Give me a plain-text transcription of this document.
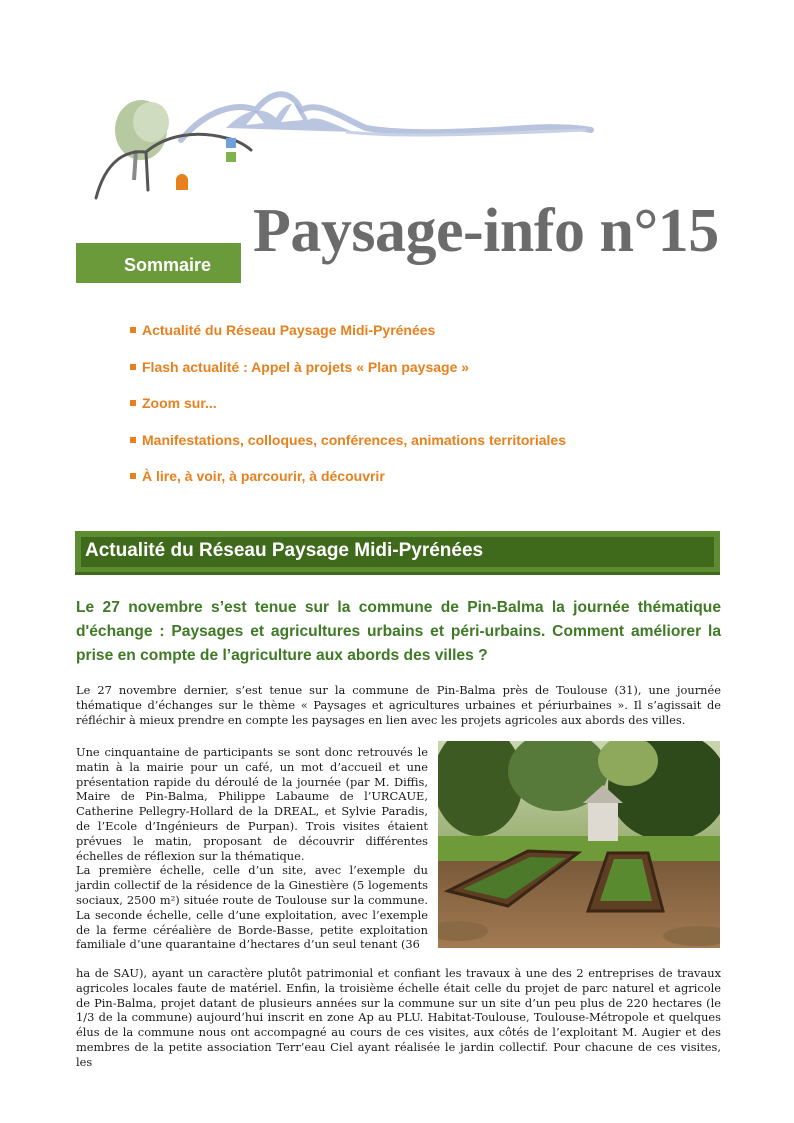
Sommaire Paysage-info n°15
Actualité du Réseau Paysage Midi-Pyrénées
Flash actualité : Appel à projets « Plan paysage »
Zoom sur...
Manifestations, colloques, conférences, animations territoriales
À lire, à voir, à parcourir, à découvrir
Actualité du Réseau Paysage Midi-Pyrénées
Le 27 novembre s’est tenue sur la commune de Pin-Balma la journée thématique d'échange : Paysages et agricultures urbains et péri-urbains. Comment améliorer la prise en compte de l’agriculture aux abords des villes ?

Le 27 novembre dernier, s’est tenue sur la commune de Pin-Balma près de Toulouse (31), une journée thématique d’échanges sur le thème « Paysages et agricultures urbaines et périurbaines ». Il s’agissait de réfléchir à mieux prendre en compte les paysages en lien avec les projets agricoles aux abords des villes.

Une cinquantaine de participants se sont donc retrouvés le matin à la mairie pour un café, un mot d’accueil et une présentation rapide du déroulé de la journée (par M. Diffis, Maire de Pin-Balma, Philippe Labaume de l’URCAUE, Catherine Pellegry-Hollard de la DREAL, et Sylvie Paradis, de l’Ecole d’Ingénieurs de Purpan). Trois visites étaient prévues le matin, proposant de découvrir différentes échelles de réflexion sur la thématique.

La première échelle, celle d’un site, avec l’exemple du jardin collectif de la résidence de la Ginestière (5 logements sociaux, 2500 m²) située route de Toulouse sur la commune. La seconde échelle, celle d’une exploitation, avec l’exemple de la ferme céréalière de Borde-Basse, petite exploitation familiale d’une quarantaine d’hectares d’un seul tenant (36

ha de SAU), ayant un caractère plutôt patrimonial et confiant les travaux à une des 2 entreprises de travaux agricoles locales faute de matériel. Enfin, la troisième échelle était celle du projet de parc naturel et agricole de Pin-Balma, projet datant de plusieurs années sur la commune sur un site d’un peu plus de 220 hectares (le 1/3 de la commune) aujourd’hui inscrit en zone Ap au PLU. Habitat-Toulouse, Toulouse-Métropole et quelques élus de la commune nous ont accompagné au cours de ces visites, aux côtés de l’exploitant M. Augier et des membres de la petite association Terr’eau Ciel ayant réalisée le jardin collectif. Pour chacune de ces visites, les
